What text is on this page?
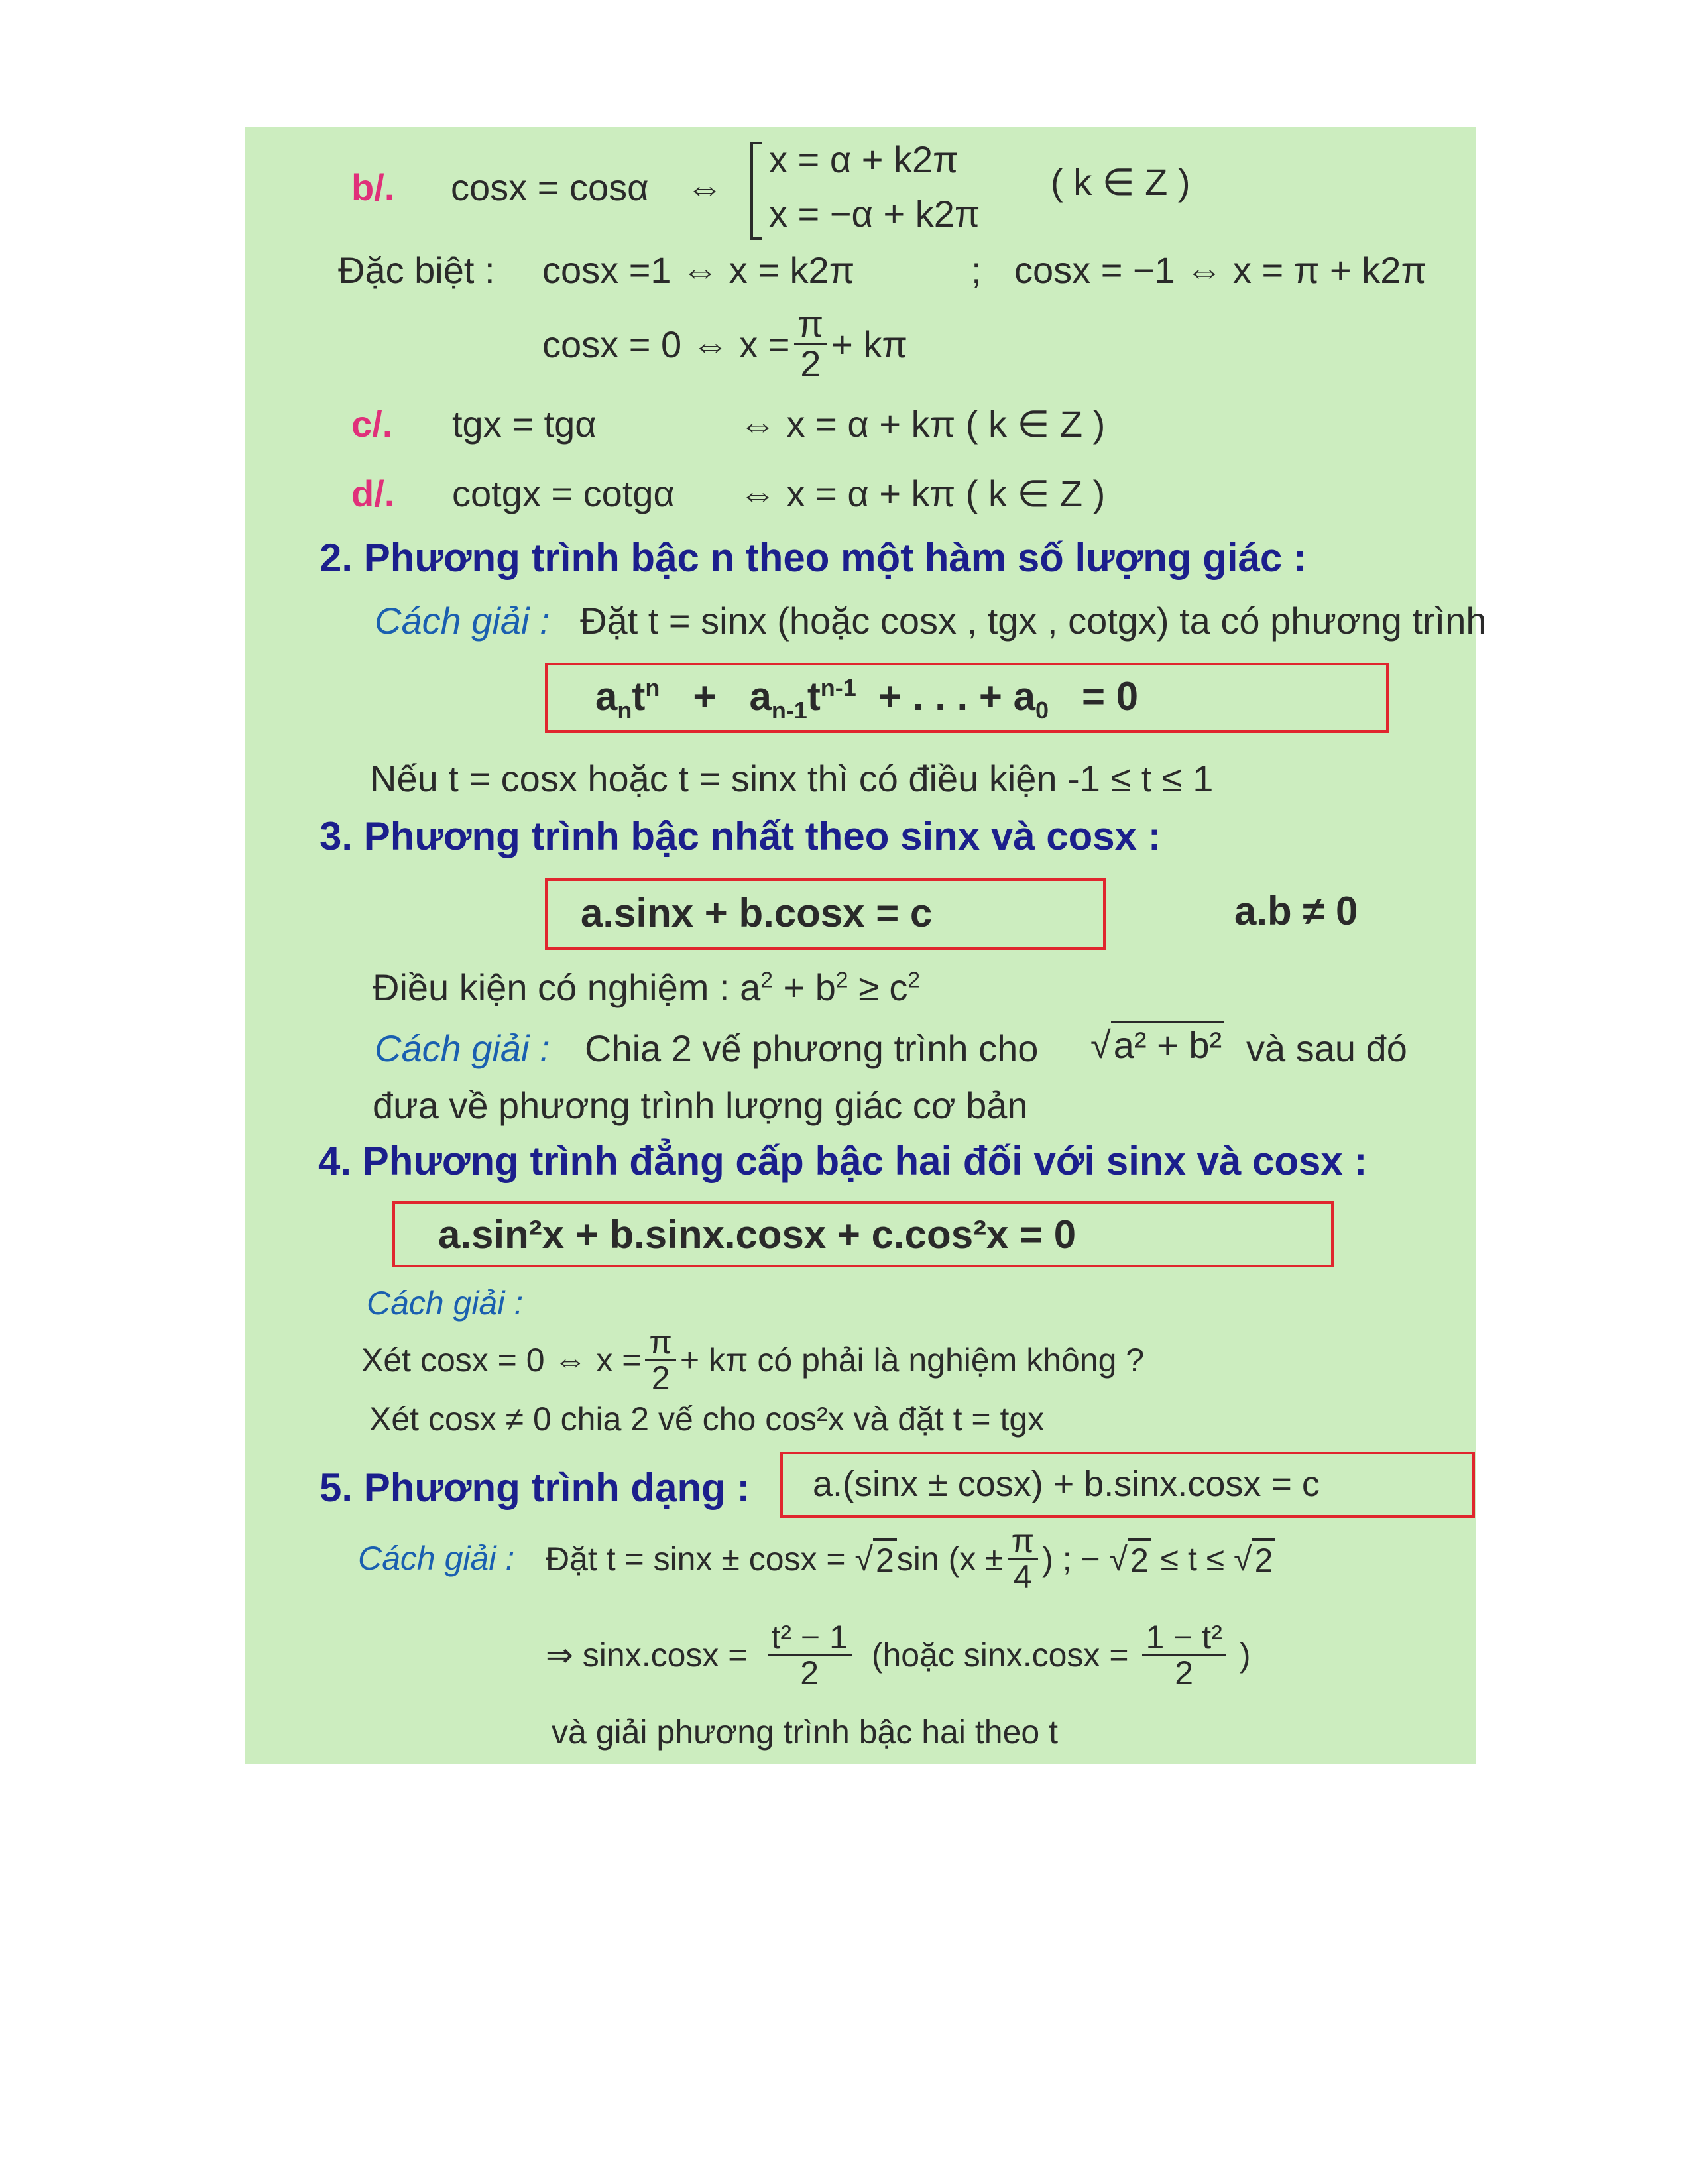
b/. cosx = cosα ⇔
x = α + k2π
x = −α + k2π
( k ∈ Z )
Đặc biệt : cosx =1 ⇔ x = k2π	; cosx = −1 ⇔ x = π + k2π
cosx = 0 ⇔ $x = \frac{\pi}{2} + k\pi$
c/. tgx = tgα	⇔ x = α + kπ ( k ∈ Z )
d/. cotgx = cotgα ⇔ x = α + kπ ( k ∈ Z )
2. Phương trình bậc n theo một hàm số lượng giác :
Cách giải : Đặt t = sinx (hoặc cosx , tgx , cotgx) ta có phương trình
$a_nt^n + a_{n-1}t^{n-1}$ + . . . + $a_0 = 0$
Nếu t = cosx hoặc t = sinx thì có điều kiện -1 ≤ t ≤ 1
3. Phương trình bậc nhất theo sinx và cosx :
a.sinx + b.cosx = c	a.b ≠ 0
Điều kiện có nghiệm : $a^2 + b^2 \ge c^2$
Cách giải : Chia 2 vế phương trình cho √a² + b² và sau đó
đưa về phương trình lượng giác cơ bản
4. Phương trình đẳng cấp bậc hai đối với sinx và cosx :
a.sin²x + b.sinx.cosx + c.cos²x = 0
Cách giải :
Xét cosx = 0 ⇔ $x = \frac{\pi}{2} + k\pi$ có phải là nghiệm không ?
Xét cosx ≠ 0 chia 2 vế cho cos²x và đặt t = tgx
5. Phương trình dạng : a.(sinx ± cosx) + b.sinx.cosx = c
Cách giải : Đặt t = sinx ± cosx = √ 2 $\sin (x \pm \frac{\pi}{4}$ ) ; − √ 2
≤ t ≤ √ 2
⇒ $\sin x.\cos x = \frac{\text{t² − 1}}{2}$ (hoặc $\sin x.\cos x = \frac{\text{1 − t²}}{2}$ )
và giải phương trình bậc hai theo t
